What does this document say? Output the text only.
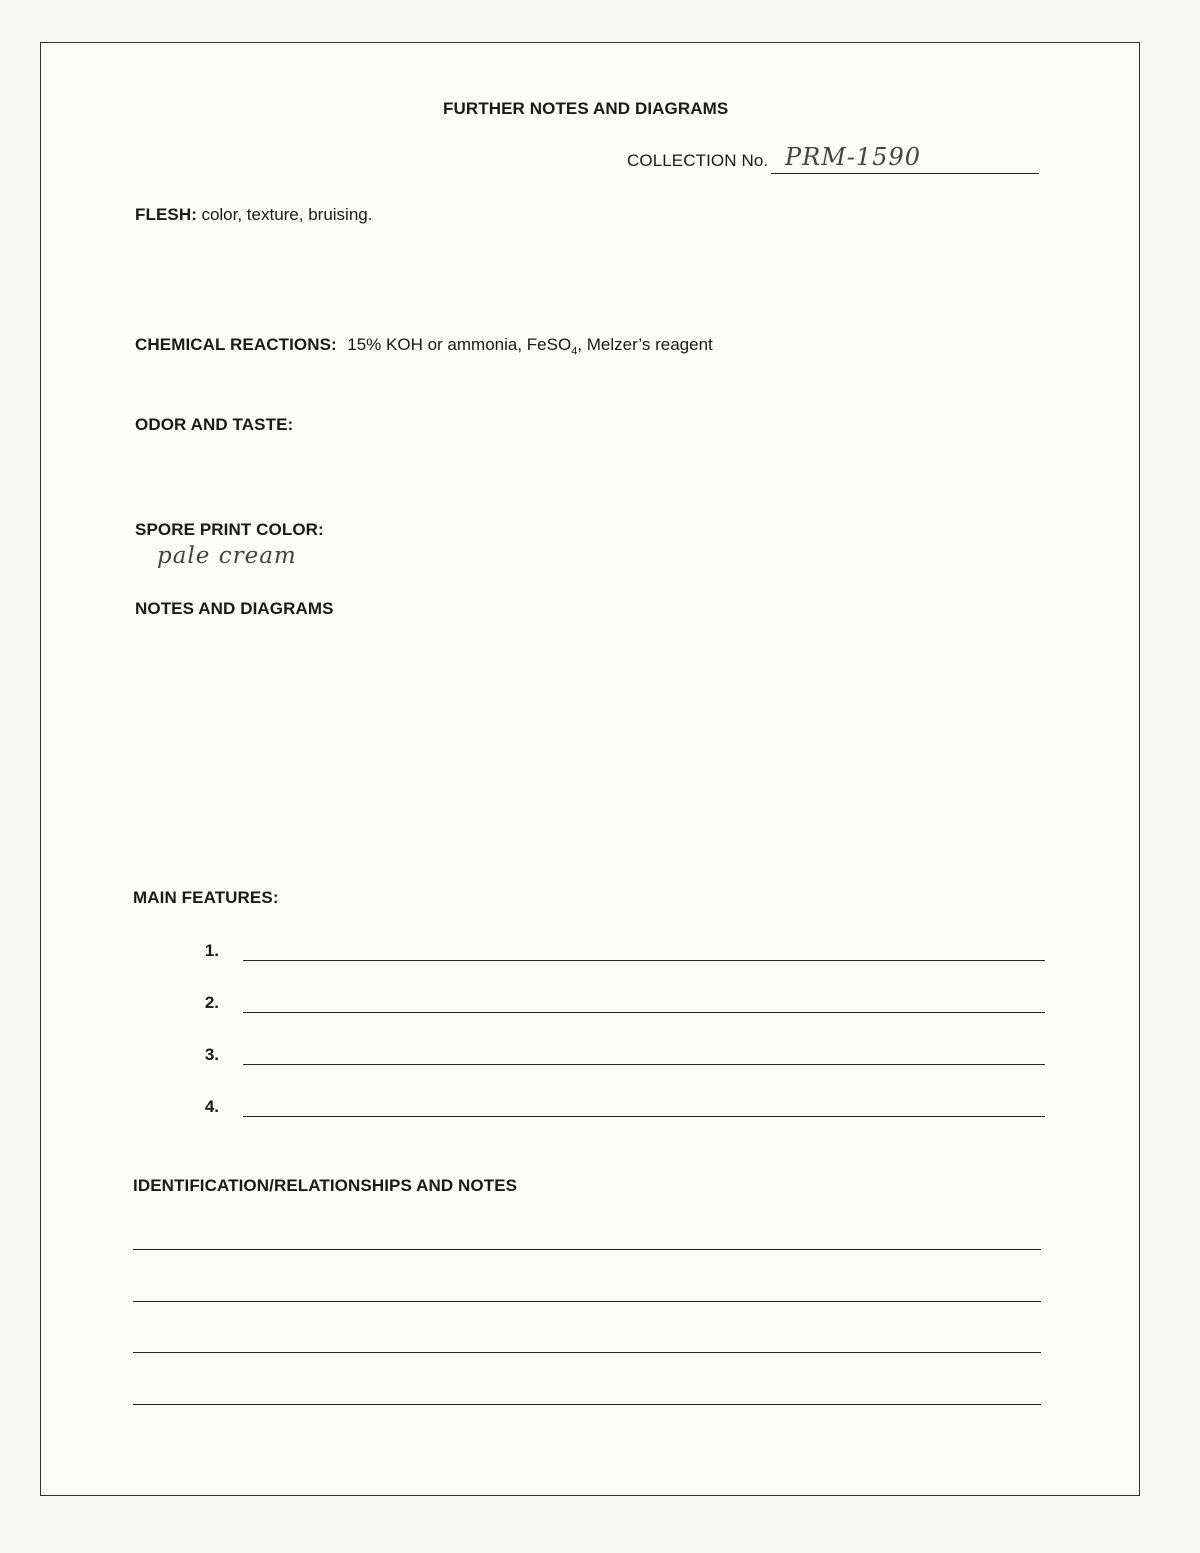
FURTHER NOTES AND DIAGRAMS
COLLECTION No. PRM-1590
FLESH: color, texture, bruising.
CHEMICAL REACTIONS: 15% KOH or ammonia, FeSO$_4$, Melzer’s reagent
ODOR AND TASTE:
SPORE PRINT COLOR:
pale cream
NOTES AND DIAGRAMS
MAIN FEATURES:
1.
2.
3.
4.
IDENTIFICATION/RELATIONSHIPS AND NOTES
